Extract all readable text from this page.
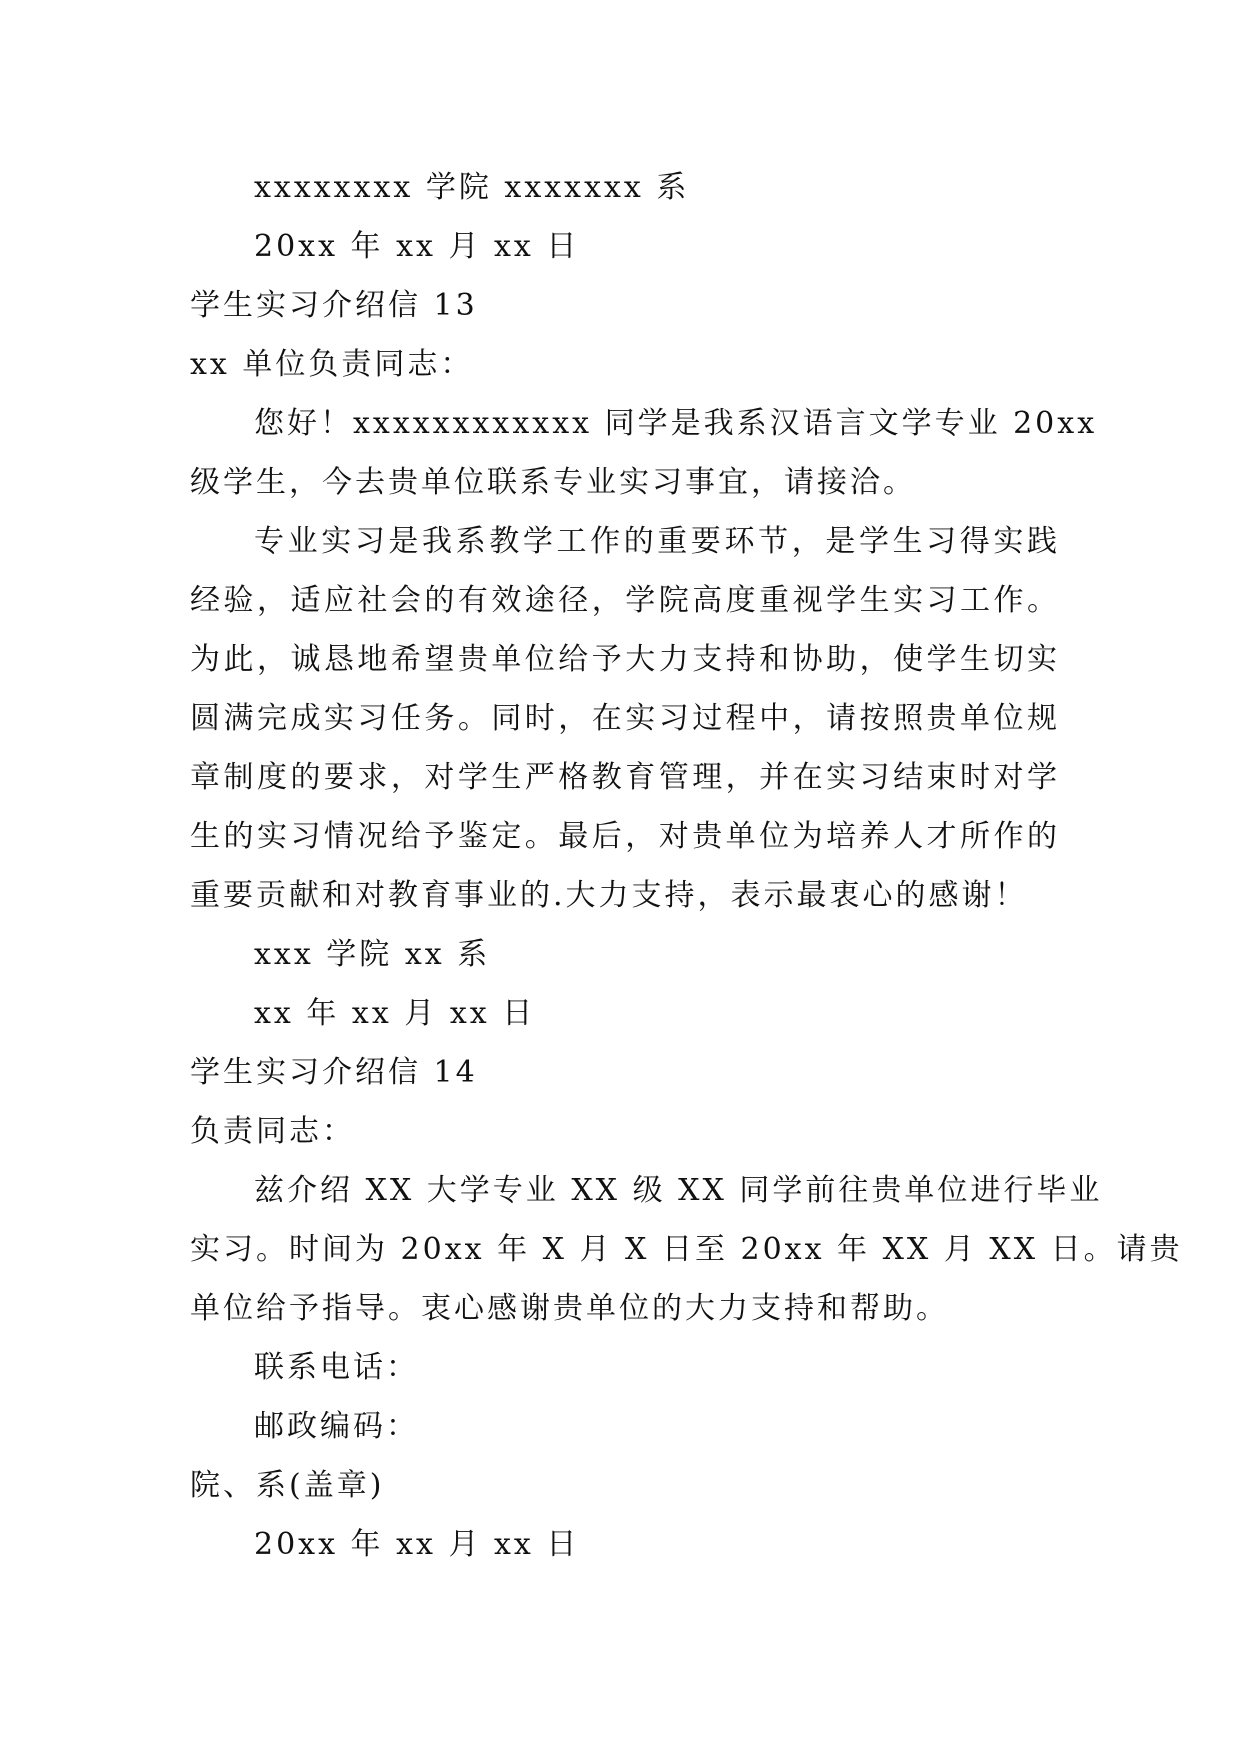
xxxxxxxx 学院 xxxxxxx 系
20xx 年 xx 月 xx 日
学生实习介绍信 13
xx 单位负责同志：
您好！xxxxxxxxxxxx 同学是我系汉语言文学专业 20xx
级学生，今去贵单位联系专业实习事宜，请接洽。
专业实习是我系教学工作的重要环节，是学生习得实践
经验，适应社会的有效途径，学院高度重视学生实习工作。
为此，诚恳地希望贵单位给予大力支持和协助，使学生切实
圆满完成实习任务。同时，在实习过程中，请按照贵单位规
章制度的要求，对学生严格教育管理，并在实习结束时对学
生的实习情况给予鉴定。最后，对贵单位为培养人才所作的
重要贡献和对教育事业的.大力支持，表示最衷心的感谢！
xxx 学院 xx 系
xx 年 xx 月 xx 日
学生实习介绍信 14
负责同志：
兹介绍 XX 大学专业 XX 级 XX 同学前往贵单位进行毕业
实习。时间为 20xx 年 X 月 X 日至 20xx 年 XX 月 XX 日。请贵
单位给予指导。衷心感谢贵单位的大力支持和帮助。
联系电话：
邮政编码：
院、系(盖章)
20xx 年 xx 月 xx 日
